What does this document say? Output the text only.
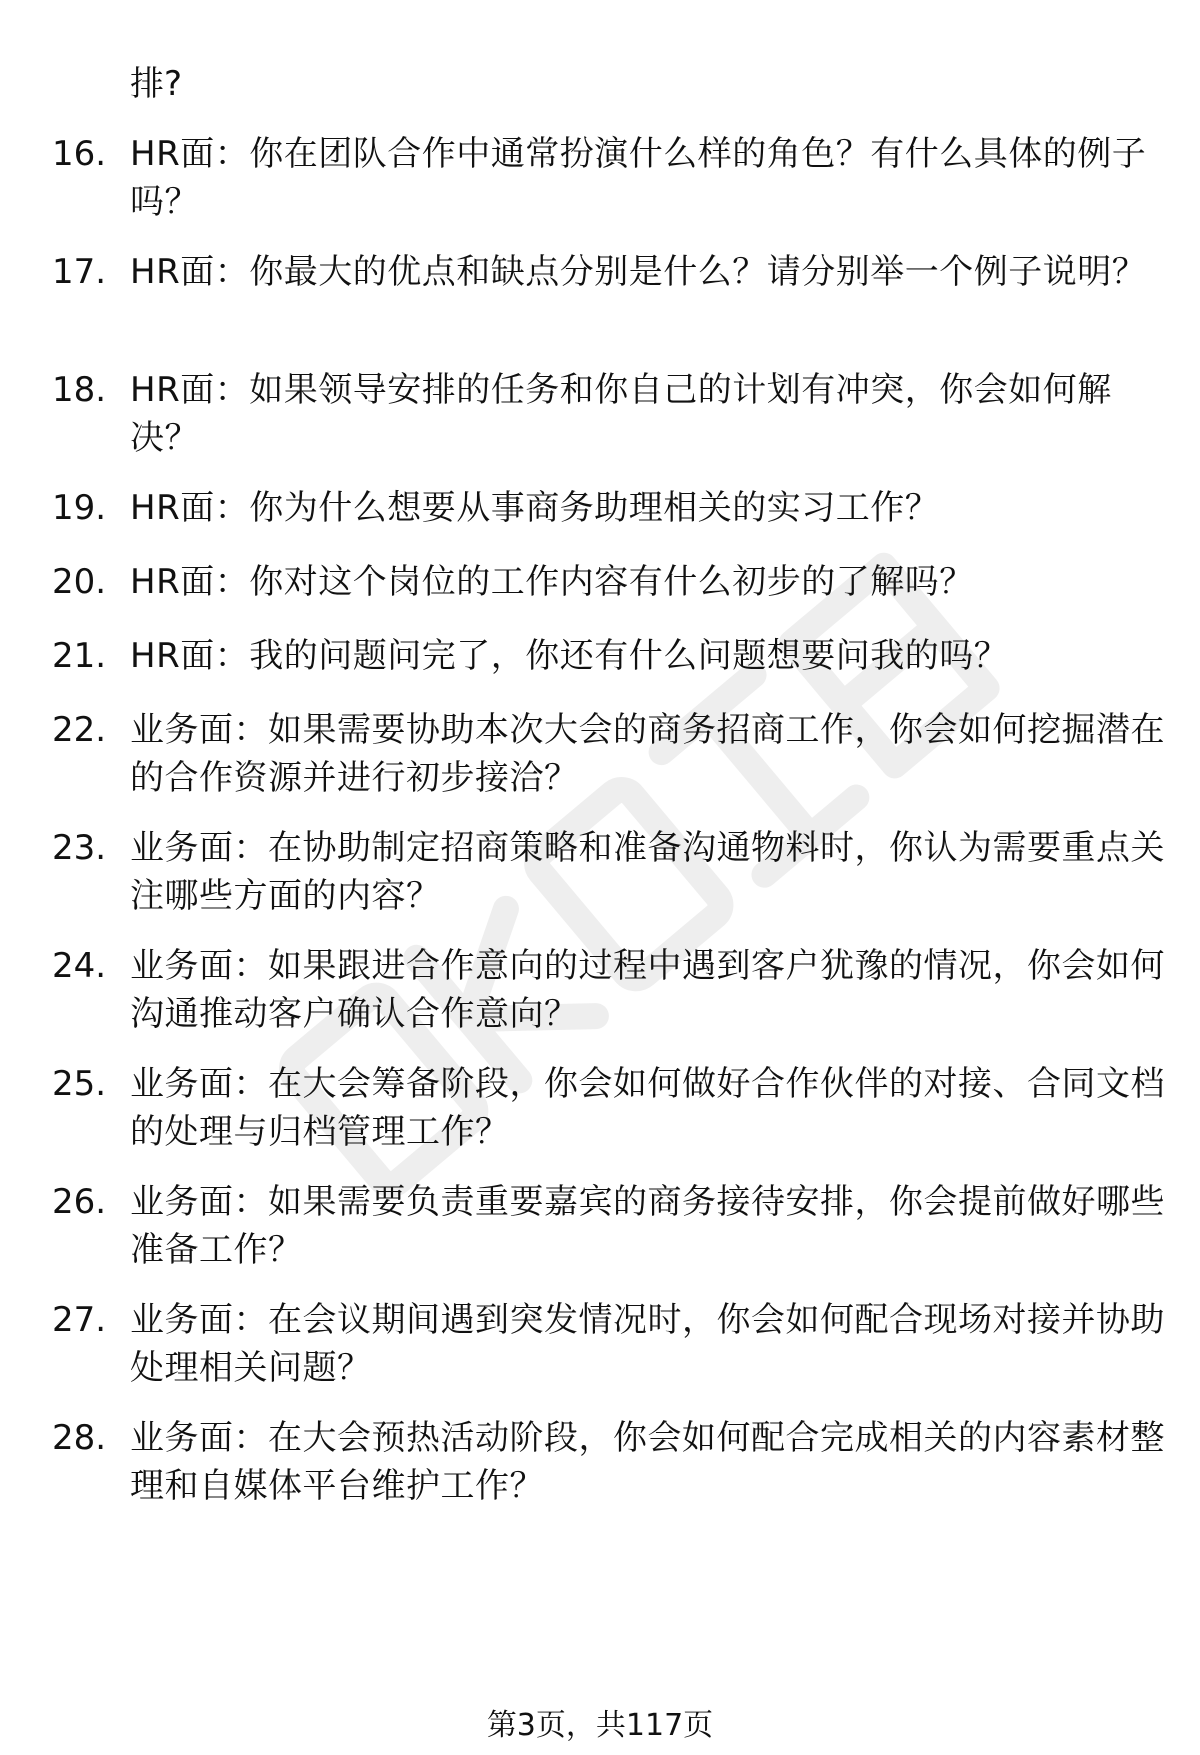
排?
16. HR面：你在团队合作中通常扮演什么样的角色？有什么具体的例子吗？
17. HR面：你最大的优点和缺点分别是什么？请分别举一个例子说明？
18. HR面：如果领导安排的任务和你自己的计划有冲突，你会如何解决？
19. HR面：你为什么想要从事商务助理相关的实习工作？
20. HR面：你对这个岗位的工作内容有什么初步的了解吗？
21. HR面：我的问题问完了，你还有什么问题想要问我的吗？
22. 业务面：如果需要协助本次大会的商务招商工作，你会如何挖掘潜在的合作资源并进行初步接洽？
23. 业务面：在协助制定招商策略和准备沟通物料时，你认为需要重点关注哪些方面的内容？
24. 业务面：如果跟进合作意向的过程中遇到客户犹豫的情况，你会如何沟通推动客户确认合作意向？
25. 业务面：在大会筹备阶段，你会如何做好合作伙伴的对接、合同文档的处理与归档管理工作？
26. 业务面：如果需要负责重要嘉宾的商务接待安排，你会提前做好哪些准备工作？
27. 业务面：在会议期间遇到突发情况时，你会如何配合现场对接并协助处理相关问题？
28. 业务面：在大会预热活动阶段，你会如何配合完成相关的内容素材整理和自媒体平台维护工作？
第3页，共117页
